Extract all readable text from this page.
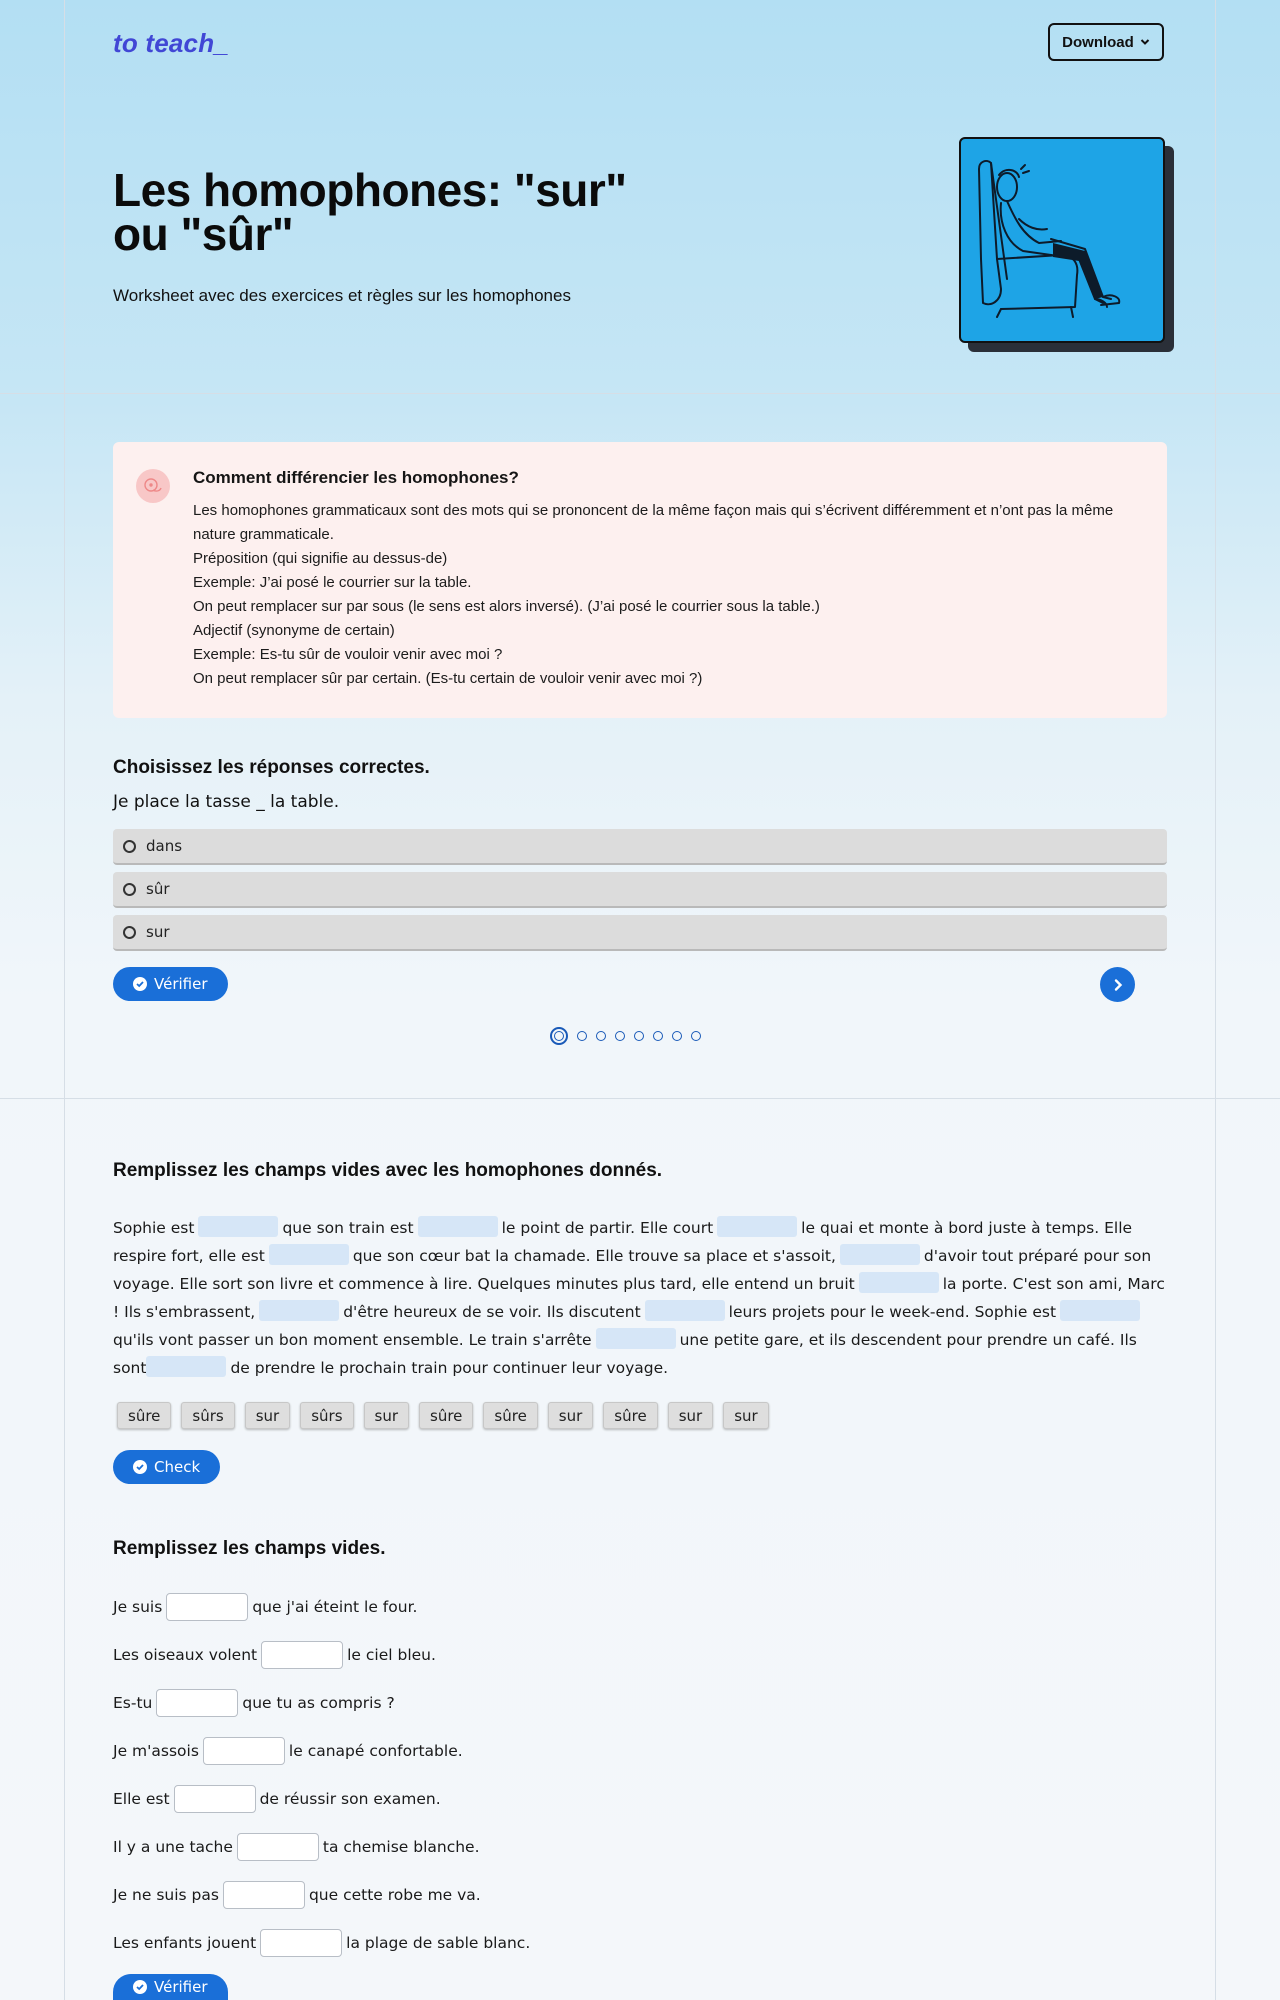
to teach_	Download
Les homophones: "sur" ou "sûr"
Worksheet avec des exercices et règles sur les homophones
Comment différencier les homophones?
Les homophones grammaticaux sont des mots qui se prononcent de la même façon mais qui s’écrivent différemment et n’ont pas la même nature grammaticale.
Préposition (qui signifie au dessus-de)
Exemple: J’ai posé le courrier sur la table.
On peut remplacer sur par sous (le sens est alors inversé). (J’ai posé le courrier sous la table.)
Adjectif (synonyme de certain)
Exemple: Es-tu sûr de vouloir venir avec moi ?
On peut remplacer sûr par certain. (Es-tu certain de vouloir venir avec moi ?)
Choisissez les réponses correctes.
Je place la tasse _ la table.
dans
sûr
sur
Vérifier
Remplissez les champs vides avec les homophones donnés.
Sophie est	que son train est	le point de partir. Elle court	le quai et monte à bord juste à temps. Elle respire fort, elle est	que son cœur bat la chamade. Elle trouve sa place et s'assoit,	d'avoir tout préparé pour son voyage. Elle sort son livre et commence à lire. Quelques minutes plus tard, elle entend un bruit	la porte. C'est son ami, Marc ! Ils s'embrassent,	d'être heureux de se voir. Ils discutent	leurs projets pour le week-end. Sophie estqu'ils vont passer un bon moment ensemble. Le train s'arrête	une petite gare, et ils descendent pour prendre un café. Ils sont	de prendre le prochain train pour continuer leur voyage.
sûre	sûrs	sur	sûrs	sur	sûre	sûre	sur	sûre	sur	sur
Check
Remplissez les champs vides.
Je suis	que j'ai éteint le four.
Les oiseaux volent	le ciel bleu.
Es-tu	que tu as compris ?
Je m'assois	le canapé confortable.
Elle est	de réussir son examen.
Il y a une tache	ta chemise blanche.
Je ne suis pas	que cette robe me va.
Les enfants jouent	la plage de sable blanc.
Vérifier
